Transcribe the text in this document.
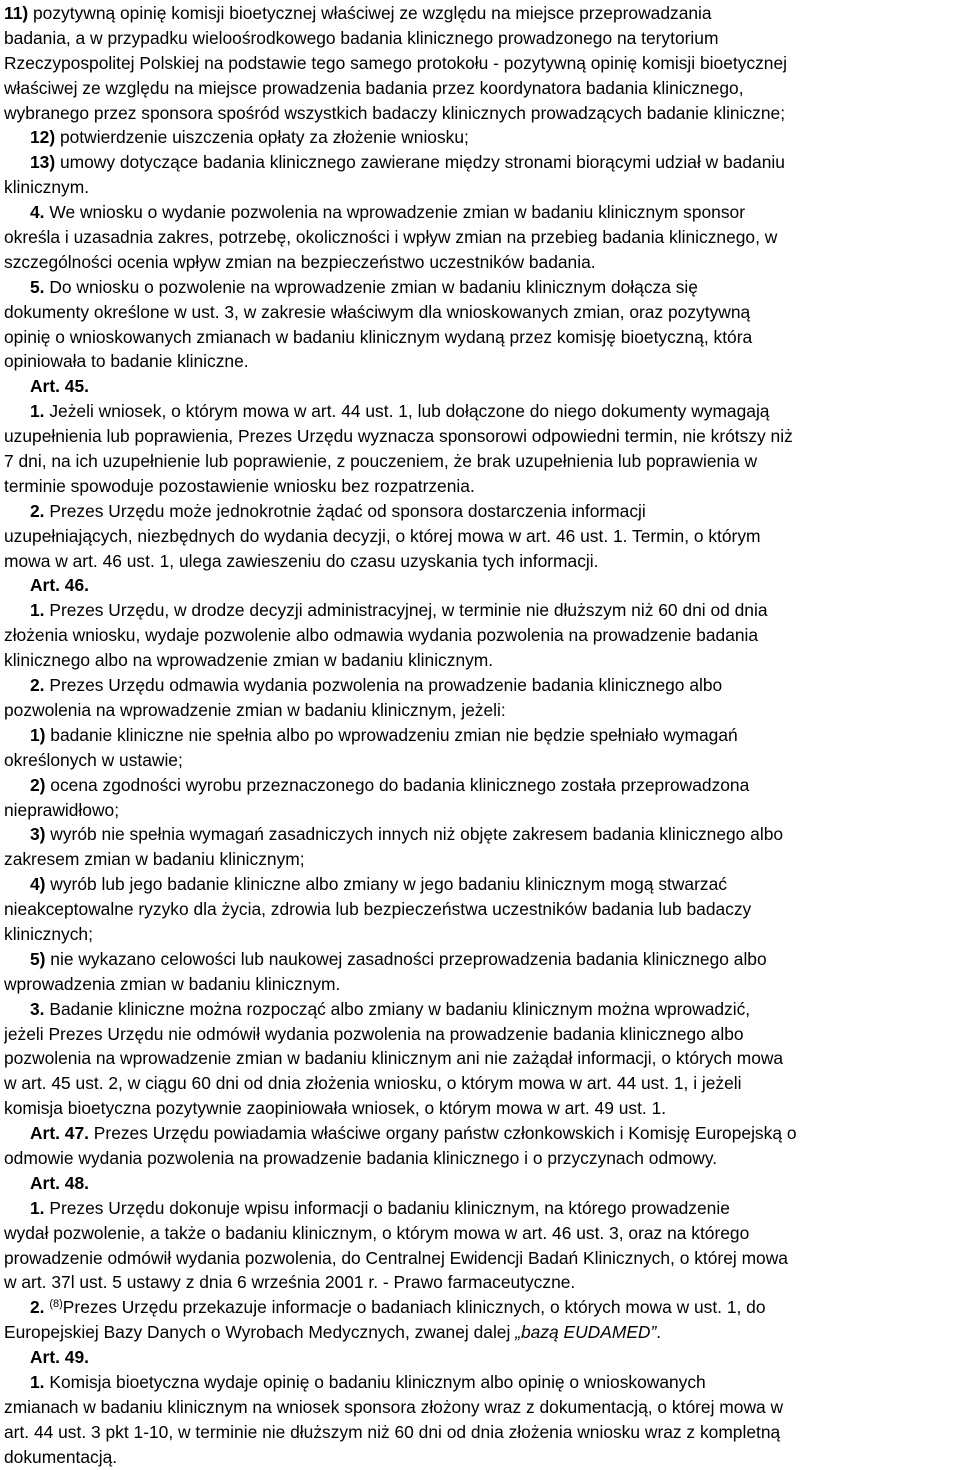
11) pozytywną opinię komisji bioetycznej właściwej ze względu na miejsce przeprowadzania
badania, a w przypadku wieloośrodkowego badania klinicznego prowadzonego na terytorium
Rzeczypospolitej Polskiej na podstawie tego samego protokołu - pozytywną opinię komisji bioetycznej
właściwej ze względu na miejsce prowadzenia badania przez koordynatora badania klinicznego,
wybranego przez sponsora spośród wszystkich badaczy klinicznych prowadzących badanie kliniczne;
12) potwierdzenie uiszczenia opłaty za złożenie wniosku;
13) umowy dotyczące badania klinicznego zawierane między stronami biorącymi udział w badaniu
klinicznym.
4. We wniosku o wydanie pozwolenia na wprowadzenie zmian w badaniu klinicznym sponsor
określa i uzasadnia zakres, potrzebę, okoliczności i wpływ zmian na przebieg badania klinicznego, w
szczególności ocenia wpływ zmian na bezpieczeństwo uczestników badania.
5. Do wniosku o pozwolenie na wprowadzenie zmian w badaniu klinicznym dołącza się
dokumenty określone w ust. 3, w zakresie właściwym dla wnioskowanych zmian, oraz pozytywną
opinię o wnioskowanych zmianach w badaniu klinicznym wydaną przez komisję bioetyczną, która
opiniowała to badanie kliniczne.
Art. 45.
1. Jeżeli wniosek, o którym mowa w art. 44 ust. 1, lub dołączone do niego dokumenty wymagają
uzupełnienia lub poprawienia, Prezes Urzędu wyznacza sponsorowi odpowiedni termin, nie krótszy niż
7 dni, na ich uzupełnienie lub poprawienie, z pouczeniem, że brak uzupełnienia lub poprawienia w
terminie spowoduje pozostawienie wniosku bez rozpatrzenia.
2. Prezes Urzędu może jednokrotnie żądać od sponsora dostarczenia informacji
uzupełniających, niezbędnych do wydania decyzji, o której mowa w art. 46 ust. 1. Termin, o którym
mowa w art. 46 ust. 1, ulega zawieszeniu do czasu uzyskania tych informacji.
Art. 46.
1. Prezes Urzędu, w drodze decyzji administracyjnej, w terminie nie dłuższym niż 60 dni od dnia
złożenia wniosku, wydaje pozwolenie albo odmawia wydania pozwolenia na prowadzenie badania
klinicznego albo na wprowadzenie zmian w badaniu klinicznym.
2. Prezes Urzędu odmawia wydania pozwolenia na prowadzenie badania klinicznego albo
pozwolenia na wprowadzenie zmian w badaniu klinicznym, jeżeli:
1) badanie kliniczne nie spełnia albo po wprowadzeniu zmian nie będzie spełniało wymagań
określonych w ustawie;
2) ocena zgodności wyrobu przeznaczonego do badania klinicznego została przeprowadzona
nieprawidłowo;
3) wyrób nie spełnia wymagań zasadniczych innych niż objęte zakresem badania klinicznego albo
zakresem zmian w badaniu klinicznym;
4) wyrób lub jego badanie kliniczne albo zmiany w jego badaniu klinicznym mogą stwarzać
nieakceptowalne ryzyko dla życia, zdrowia lub bezpieczeństwa uczestników badania lub badaczy
klinicznych;
5) nie wykazano celowości lub naukowej zasadności przeprowadzenia badania klinicznego albo
wprowadzenia zmian w badaniu klinicznym.
3. Badanie kliniczne można rozpocząć albo zmiany w badaniu klinicznym można wprowadzić,
jeżeli Prezes Urzędu nie odmówił wydania pozwolenia na prowadzenie badania klinicznego albo
pozwolenia na wprowadzenie zmian w badaniu klinicznym ani nie zażądał informacji, o których mowa
w art. 45 ust. 2, w ciągu 60 dni od dnia złożenia wniosku, o którym mowa w art. 44 ust. 1, i jeżeli
komisja bioetyczna pozytywnie zaopiniowała wniosek, o którym mowa w art. 49 ust. 1.
Art. 47. Prezes Urzędu powiadamia właściwe organy państw członkowskich i Komisję Europejską o
odmowie wydania pozwolenia na prowadzenie badania klinicznego i o przyczynach odmowy.
Art. 48.
1. Prezes Urzędu dokonuje wpisu informacji o badaniu klinicznym, na którego prowadzenie
wydał pozwolenie, a także o badaniu klinicznym, o którym mowa w art. 46 ust. 3, oraz na którego
prowadzenie odmówił wydania pozwolenia, do Centralnej Ewidencji Badań Klinicznych, o której mowa
w art. 37l ust. 5 ustawy z dnia 6 września 2001 r. - Prawo farmaceutyczne.
2. $^{(8)}$Prezes Urzędu przekazuje informacje o badaniach klinicznych, o których mowa w ust. 1, do
Europejskiej Bazy Danych o Wyrobach Medycznych, zwanej dalej „bazą EUDAMED”.
Art. 49.
1. Komisja bioetyczna wydaje opinię o badaniu klinicznym albo opinię o wnioskowanych
zmianach w badaniu klinicznym na wniosek sponsora złożony wraz z dokumentacją, o której mowa w
art. 44 ust. 3 pkt 1-10, w terminie nie dłuższym niż 60 dni od dnia złożenia wniosku wraz z kompletną
dokumentacją.
